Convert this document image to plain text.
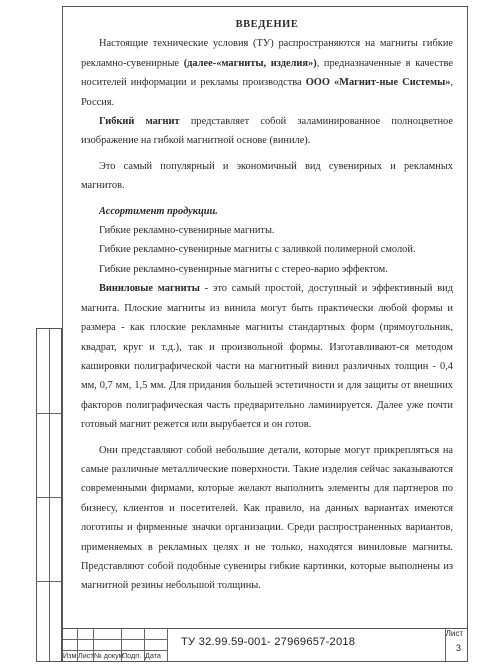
ВВЕДЕНИЕ

Настоящие технические условия (ТУ) распространяются на магниты гибкие рекламно-сувенирные (далее-«магниты, изделия»), предназначенные в качестве носителей информации и рекламы производства ООО «Магнит-ные Системы», Россия.

Гибкий магнит представляет собой заламинированное полноцветное изображение на гибкой магнитной основе (виниле).

Это самый популярный и экономичный вид сувенирных и рекламных магнитов.

Ассортимент продукции.

Гибкие рекламно-сувенирные магниты.

Гибкие рекламно-сувенирные магниты с заливкой полимерной смолой.

Гибкие рекламно-сувенирные магниты с стерео-варио эффектом.

Виниловые магниты - это самый простой, доступный и эффективный вид магнита. Плоские магниты из винила могут быть практически любой формы и размера - как плоские рекламные магниты стандартных форм (прямоугольник, квадрат, круг и т.д.), так и произвольной формы. Изготавливают-ся методом кашировки полиграфической части на магнитный винил различных толщин - 0,4 мм, 0,7 мм, 1,5 мм. Для придания большей эстетичности и для защиты от внешних факторов полиграфическая часть предварительно ламинируется. Далее уже почти готовый магнит режется или вырубается и он готов.

Они представляют собой небольшие детали, которые могут прикрепляться на самые различные металлические поверхности. Такие изделия сейчас заказываются современными фирмами, которые желают выполнить элементы для партнеров по бизнесу, клиентов и посетителей. Как правило, на данных вариантах имеются логотипы и фирменные значки организации. Среди распространенных вариантов, применяемых в рекламных целях и не только, находятся виниловые магниты. Представляют собой подобные сувениры гибкие картинки, которые выполнены из магнитной резины небольшой толщины.

Изм Лист № докум.
Подп. Дата
ТУ 32.99.59-001- 27969657-2018
Лист
3
